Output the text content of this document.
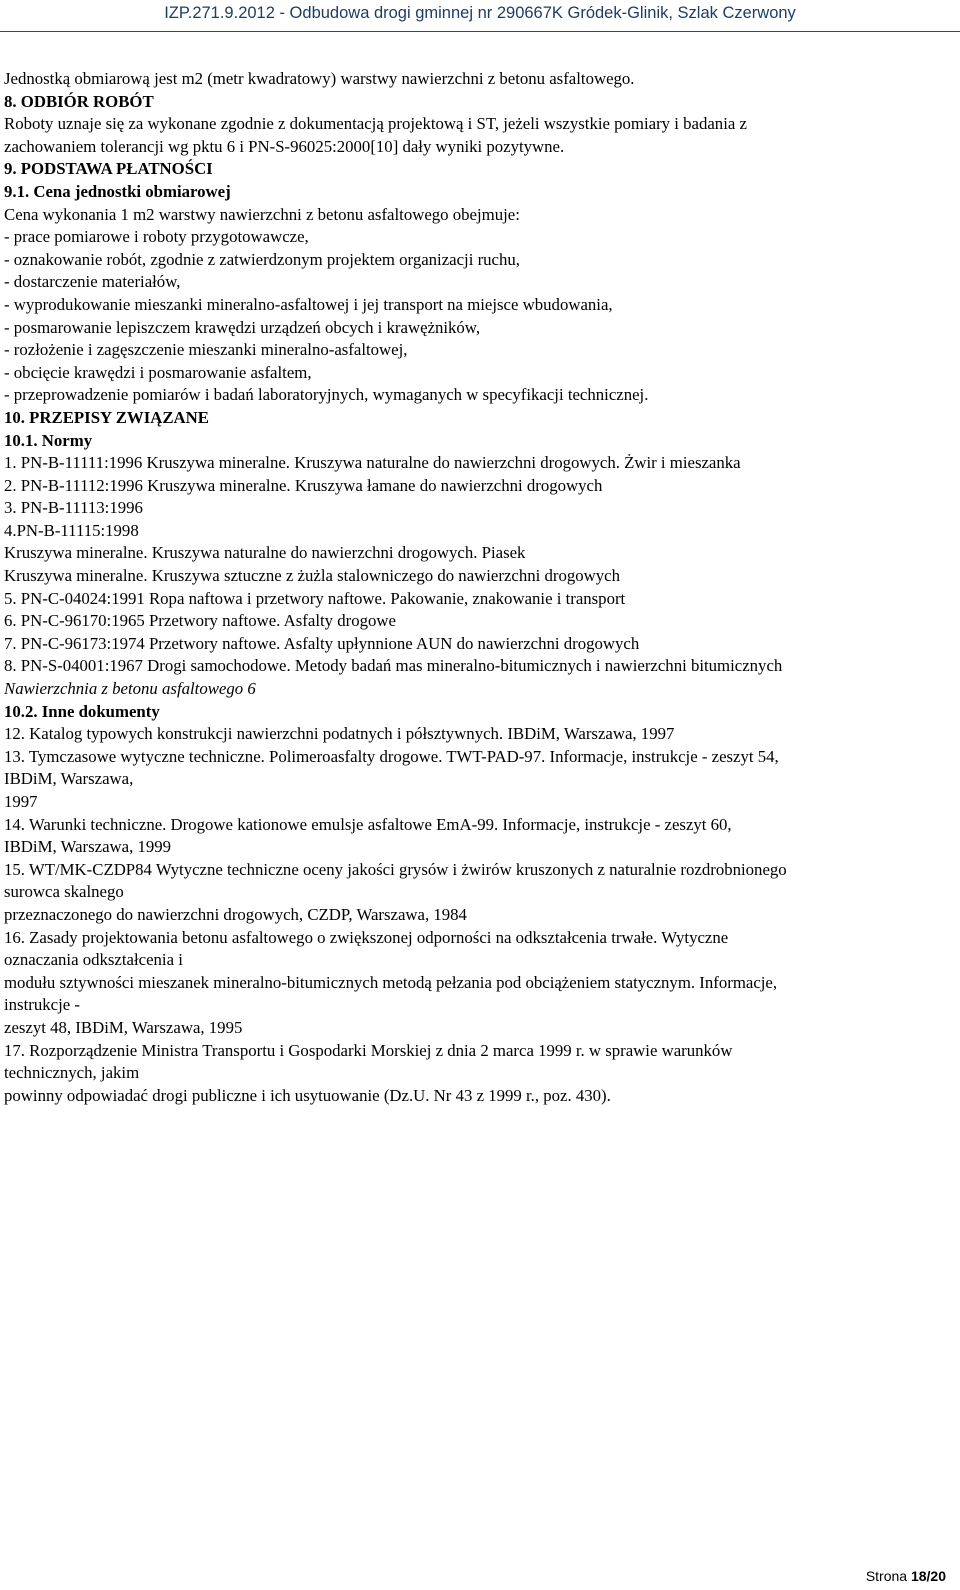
IZP.271.9.2012 - Odbudowa drogi gminnej nr 290667K Gródek-Glinik, Szlak Czerwony
Jednostką obmiarową jest m2 (metr kwadratowy) warstwy nawierzchni z betonu asfaltowego.
8. ODBIÓR ROBÓT
Roboty uznaje się za wykonane zgodnie z dokumentacją projektową i ST, jeżeli wszystkie pomiary i badania z
zachowaniem tolerancji wg pktu 6 i PN-S-96025:2000[10] dały wyniki pozytywne.
9. PODSTAWA PŁATNOŚCI
9.1. Cena jednostki obmiarowej
Cena wykonania 1 m2 warstwy nawierzchni z betonu asfaltowego obejmuje:
- prace pomiarowe i roboty przygotowawcze,
- oznakowanie robót, zgodnie z zatwierdzonym projektem organizacji ruchu,
- dostarczenie materiałów,
- wyprodukowanie mieszanki mineralno-asfaltowej i jej transport na miejsce wbudowania,
- posmarowanie lepiszczem krawędzi urządzeń obcych i krawężników,
- rozłożenie i zagęszczenie mieszanki mineralno-asfaltowej,
- obcięcie krawędzi i posmarowanie asfaltem,
- przeprowadzenie pomiarów i badań laboratoryjnych, wymaganych w specyfikacji technicznej.
10. PRZEPISY ZWIĄZANE
10.1. Normy
1. PN-B-11111:1996 Kruszywa mineralne. Kruszywa naturalne do nawierzchni drogowych. Żwir i mieszanka
2. PN-B-11112:1996 Kruszywa mineralne. Kruszywa łamane do nawierzchni drogowych
3. PN-B-11113:1996
4.PN-B-11115:1998
Kruszywa mineralne. Kruszywa naturalne do nawierzchni drogowych. Piasek
Kruszywa mineralne. Kruszywa sztuczne z żużla stalowniczego do nawierzchni drogowych
5. PN-C-04024:1991 Ropa naftowa i przetwory naftowe. Pakowanie, znakowanie i transport
6. PN-C-96170:1965 Przetwory naftowe. Asfalty drogowe
7. PN-C-96173:1974 Przetwory naftowe. Asfalty upłynnione AUN do nawierzchni drogowych
8. PN-S-04001:1967 Drogi samochodowe. Metody badań mas mineralno-bitumicznych i nawierzchni bitumicznych
Nawierzchnia z betonu asfaltowego 6
10.2. Inne dokumenty
12. Katalog typowych konstrukcji nawierzchni podatnych i półsztywnych. IBDiM, Warszawa, 1997
13. Tymczasowe wytyczne techniczne. Polimeroasfalty drogowe. TWT-PAD-97. Informacje, instrukcje - zeszyt 54,
IBDiM, Warszawa,
1997
14. Warunki techniczne. Drogowe kationowe emulsje asfaltowe EmA-99. Informacje, instrukcje - zeszyt 60,
IBDiM, Warszawa, 1999
15. WT/MK-CZDP84 Wytyczne techniczne oceny jakości grysów i żwirów kruszonych z naturalnie rozdrobnionego
surowca skalnego
przeznaczonego do nawierzchni drogowych, CZDP, Warszawa, 1984
16. Zasady projektowania betonu asfaltowego o zwiększonej odporności na odkształcenia trwałe. Wytyczne
oznaczania odkształcenia i
modułu sztywności mieszanek mineralno-bitumicznych metodą pełzania pod obciążeniem statycznym. Informacje,
instrukcje -
zeszyt 48, IBDiM, Warszawa, 1995
17. Rozporządzenie Ministra Transportu i Gospodarki Morskiej z dnia 2 marca 1999 r. w sprawie warunków
technicznych, jakim
powinny odpowiadać drogi publiczne i ich usytuowanie (Dz.U. Nr 43 z 1999 r., poz. 430).
Strona 18/20
